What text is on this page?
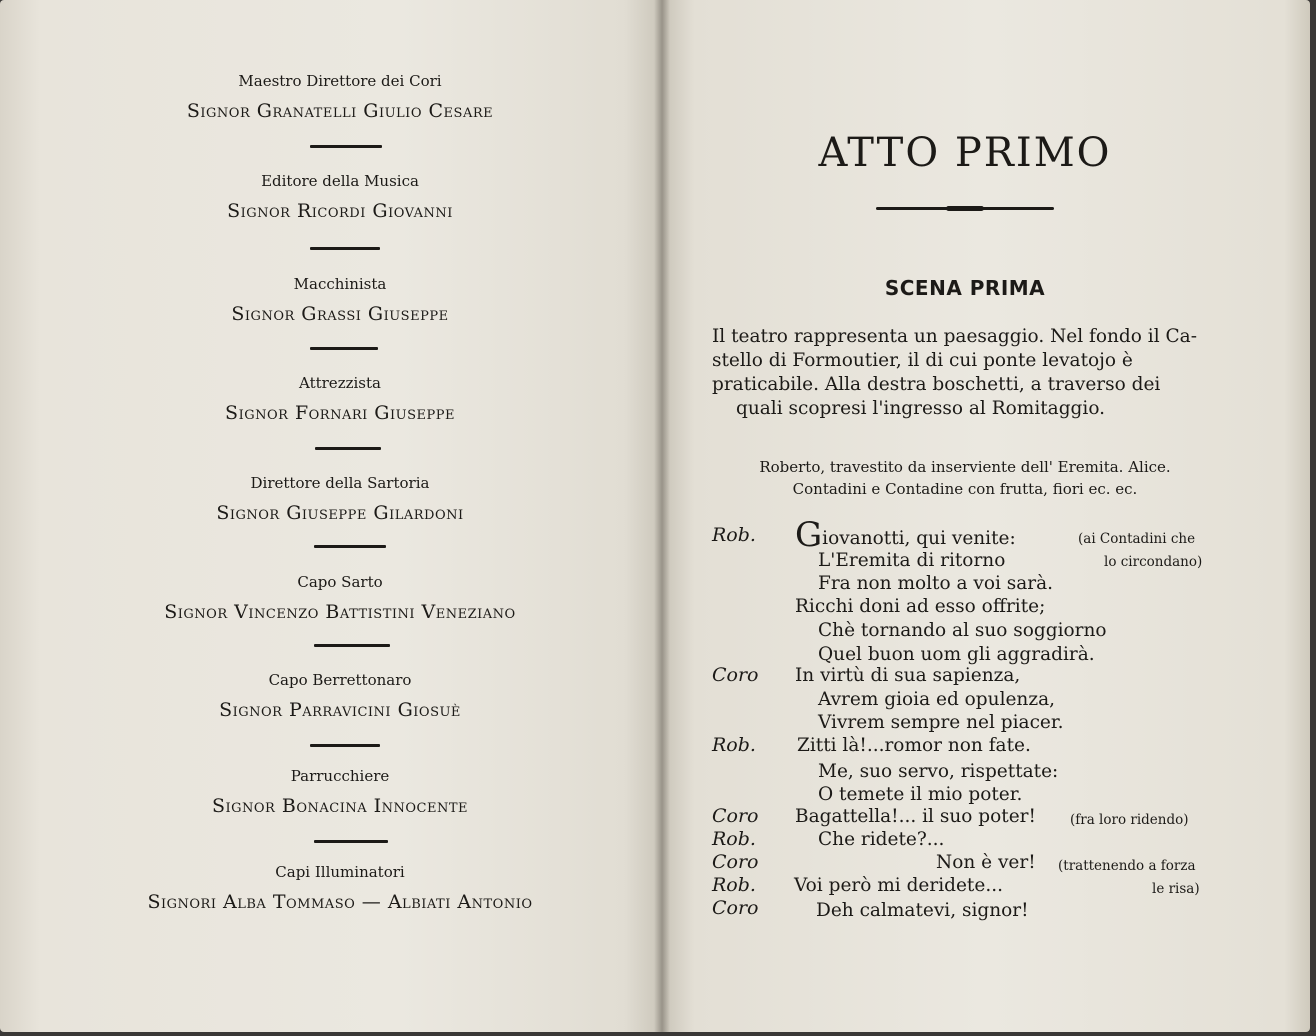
Maestro Direttore dei Cori
Signor Granatelli Giulio Cesare
Editore della Musica
Signor Ricordi Giovanni
Macchinista
Signor Grassi Giuseppe
Attrezzista
Signor Fornari Giuseppe
Direttore della Sartoria
Signor Giuseppe Gilardoni
Capo Sarto
Signor Vincenzo Battistini Veneziano
Capo Berrettonaro
Signor Parravicini Giosuè
Parrucchiere
Signor Bonacina Innocente
Capi Illuminatori
Signori Alba Tommaso — Albiati Antonio
ATTO PRIMO
SCENA PRIMA
Il teatro rappresenta un paesaggio. Nel fondo il Ca-
stello di Formoutier, il di cui ponte levatojo è
praticabile. Alla destra boschetti, a traverso dei
quali scopresi l'ingresso al Romitaggio.
Roberto, travestito da inserviente dell' Eremita. Alice.
Contadini e Contadine con frutta, fiori ec. ec.
Rob.
Coro
Rob.
Coro
Rob.
Coro
Rob.
Coro
Giovanotti, qui venite:
L'Eremita di ritorno
Fra non molto a voi sarà.
Ricchi doni ad esso offrite;
Chè tornando al suo soggiorno
Quel buon uom gli aggradirà.
In virtù di sua sapienza,
Avrem gioia ed opulenza,
Vivrem sempre nel piacer.
Zitti là!...romor non fate.
Me, suo servo, rispettate:
O temete il mio poter.
Bagattella!... il suo poter!
Che ridete?...
Non è ver!
Voi però mi deridete...
Deh calmatevi, signor!
(ai Contadini che
lo circondano)
(fra loro ridendo)
(trattenendo a forza
le risa)
